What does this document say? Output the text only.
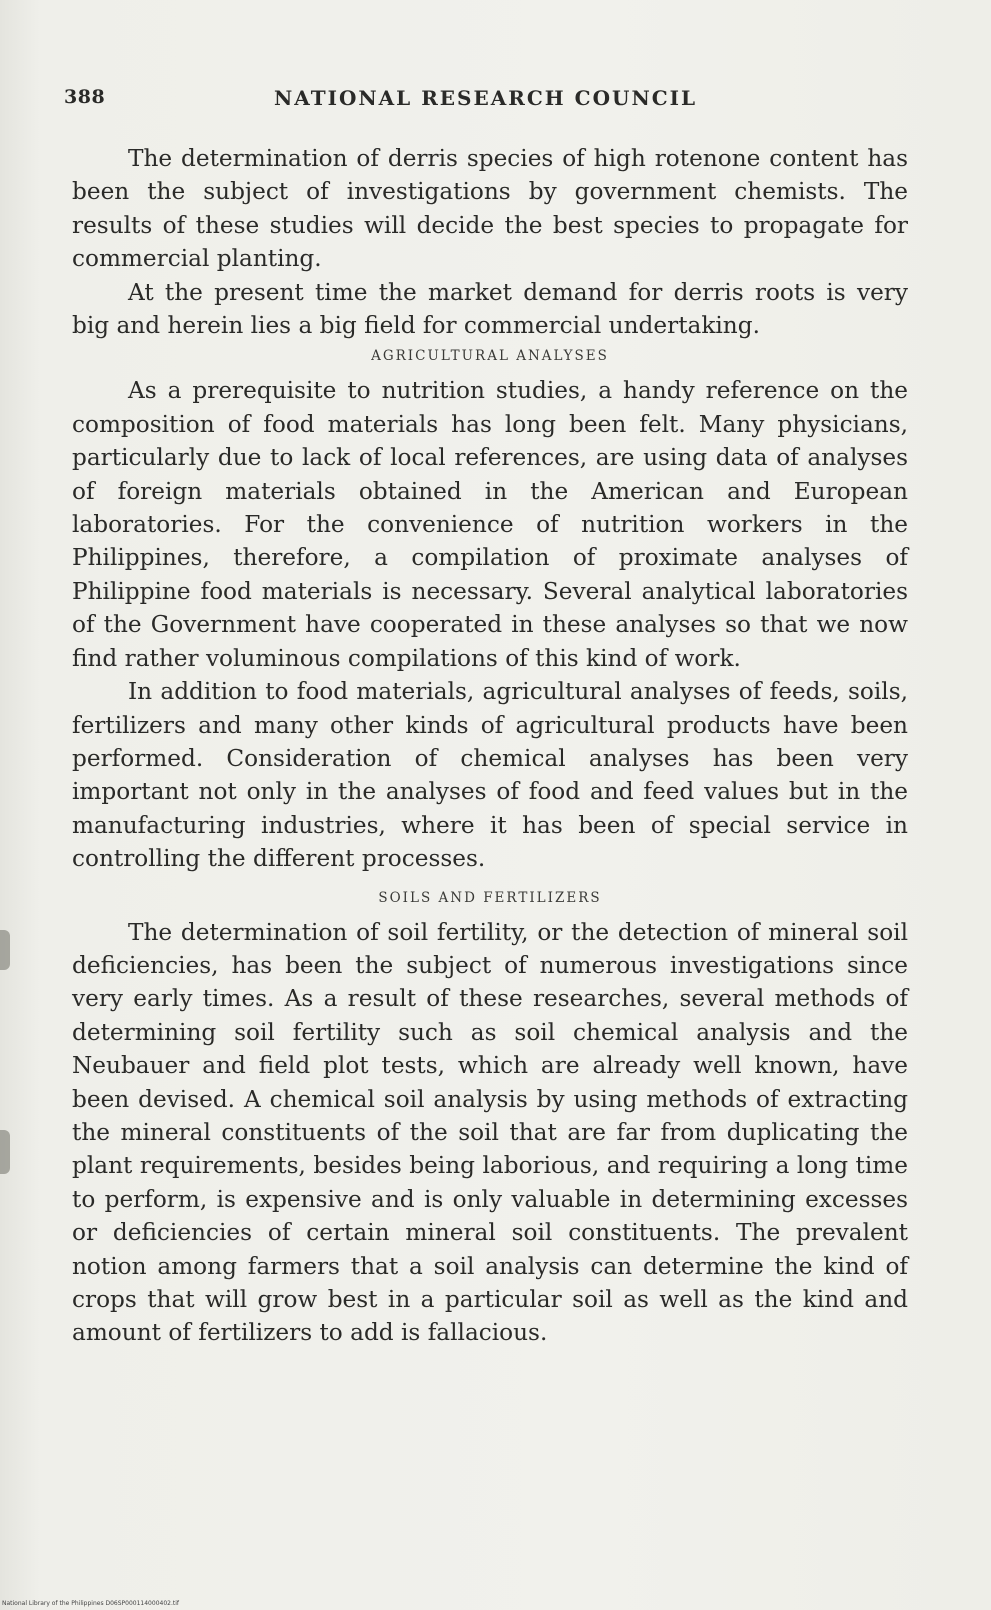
388	NATIONAL RESEARCH COUNCIL

The determination of derris species of high rotenone content has been the subject of investigations by government chemists. The results of these studies will decide the best species to propagate for commercial planting.

At the present time the market demand for derris roots is very big and herein lies a big field for commercial undertaking.

AGRICULTURAL ANALYSES

As a prerequisite to nutrition studies, a handy reference on the composition of food materials has long been felt. Many physicians, particularly due to lack of local references, are using data of analyses of foreign materials obtained in the American and European laboratories. For the convenience of nutrition workers in the Philippines, therefore, a compilation of proximate analyses of Philippine food materials is necessary. Several analytical laboratories of the Government have cooperated in these analyses so that we now find rather voluminous compilations of this kind of work.

In addition to food materials, agricultural analyses of feeds, soils, fertilizers and many other kinds of agricultural products have been performed. Consideration of chemical analyses has been very important not only in the analyses of food and feed values but in the manufacturing industries, where it has been of special service in controlling the different processes.

SOILS AND FERTILIZERS

The determination of soil fertility, or the detection of mineral soil deficiencies, has been the subject of numerous investigations since very early times. As a result of these researches, several methods of determining soil fertility such as soil chemical analysis and the Neubauer and field plot tests, which are already well known, have been devised. A chemical soil analysis by using methods of extracting the mineral constituents of the soil that are far from duplicating the plant requirements, besides being laborious, and requiring a long time to perform, is expensive and is only valuable in determining excesses or deficiencies of certain mineral soil constituents. The prevalent notion among farmers that a soil analysis can determine the kind of crops that will grow best in a particular soil as well as the kind and amount of fertilizers to add is fallacious.

National Library of the Philippines D06SP000114000402.tif
